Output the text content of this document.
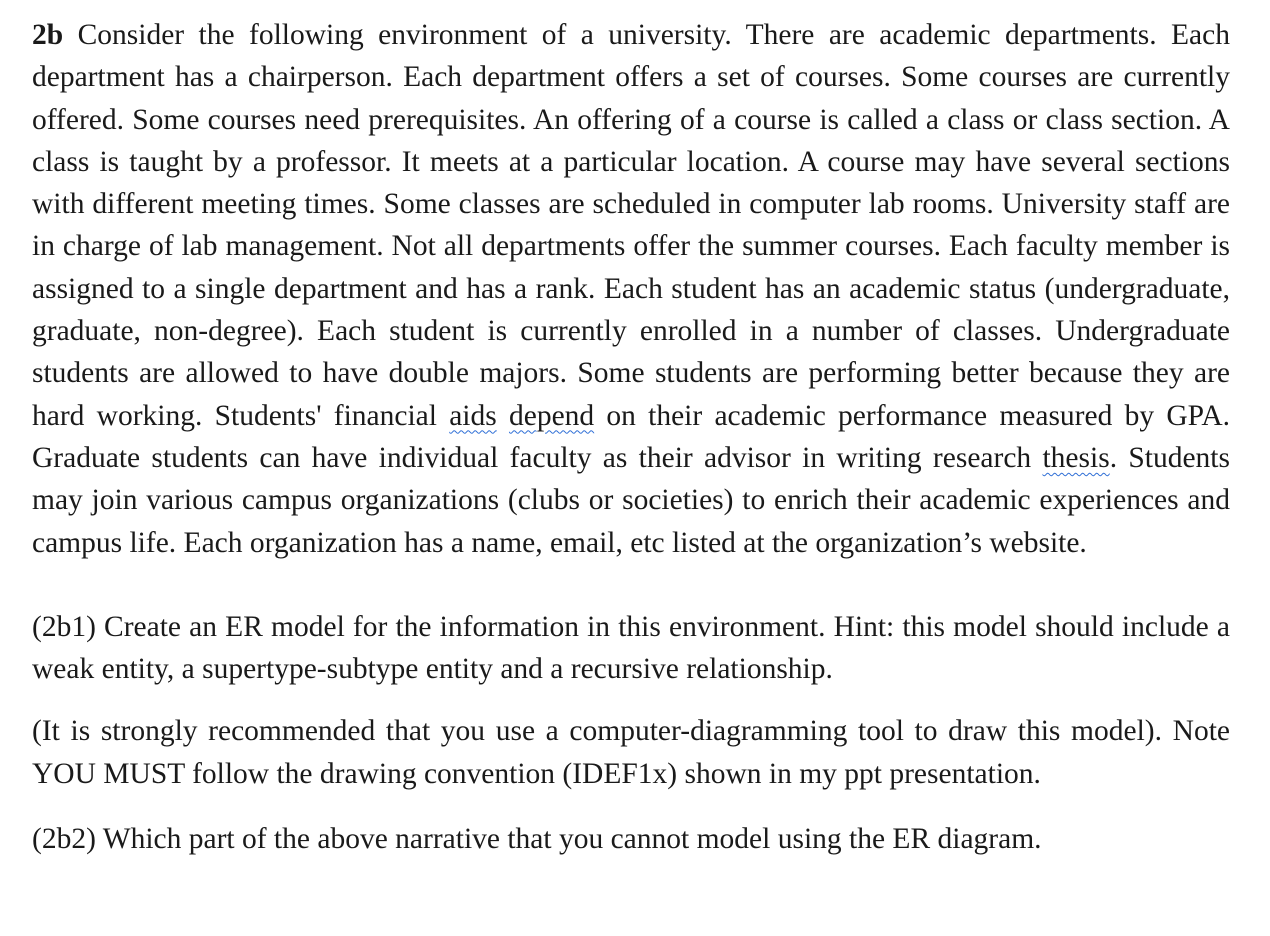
2b Consider the following environment of a university. There are academic departments. Each department has a chairperson. Each department offers a set of courses. Some courses are currently offered. Some courses need prerequisites. An offering of a course is called a class or class section. A class is taught by a professor. It meets at a particular location. A course may have several sections with different meeting times. Some classes are scheduled in computer lab rooms. University staff are in charge of lab management. Not all departments offer the summer courses. Each faculty member is assigned to a single department and has a rank. Each student has an academic status (undergraduate, graduate, non-degree). Each student is currently enrolled in a number of classes. Undergraduate students are allowed to have double majors. Some students are performing better because they are hard working. Students' financial aids depend on their academic performance measured by GPA. Graduate students can have individual faculty as their advisor in writing research thesis. Students may join various campus organizations (clubs or societies) to enrich their academic experiences and campus life. Each organization has a name, email, etc listed at the organization’s website.

(2b1) Create an ER model for the information in this environment. Hint: this model should include a weak entity, a supertype-subtype entity and a recursive relationship.

(It is strongly recommended that you use a computer-diagramming tool to draw this model). Note YOU MUST follow the drawing convention (IDEF1x) shown in my ppt presentation.

(2b2) Which part of the above narrative that you cannot model using the ER diagram.
